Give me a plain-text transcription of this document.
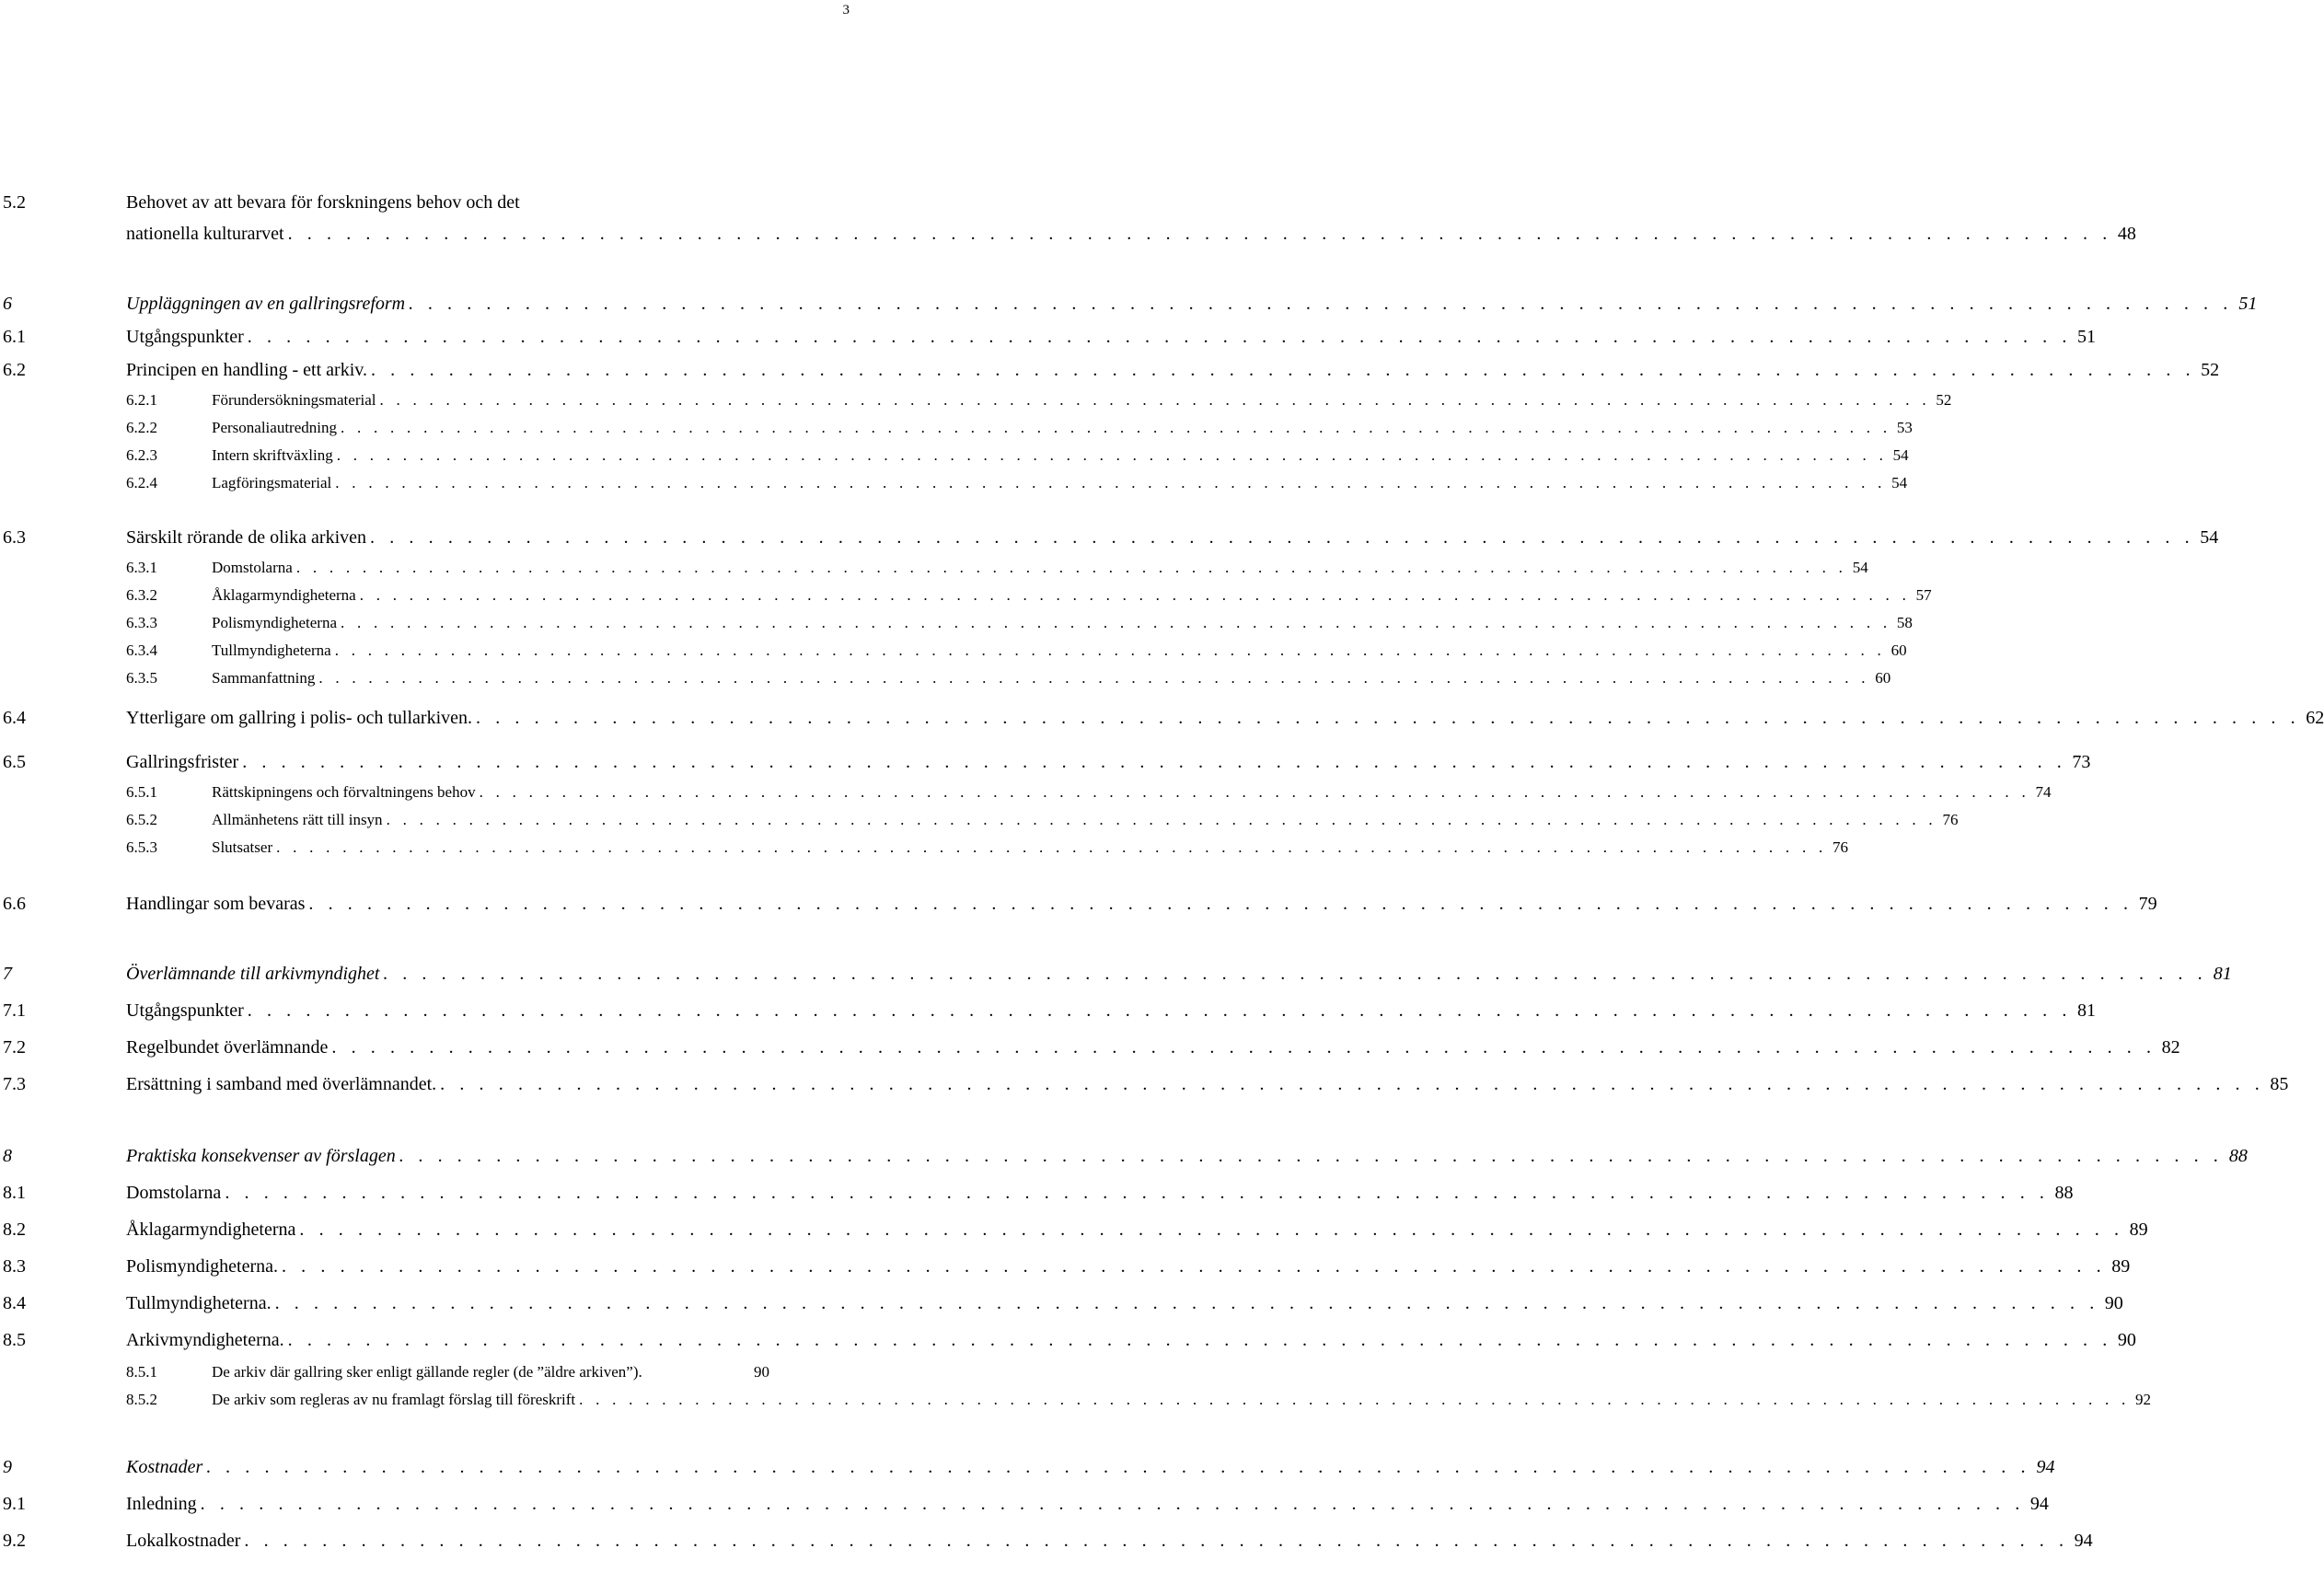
3
5.2	Behovet av att bevara för forskningens behov och det
nationella kulturarvet . . . . . . . . . . . . . . . . . . . . . . . . . . . . . . . . . . . . . . . . . . . . . . . . . . . . . . . . . . . . . . . . . . . . . . . . . . . . . . . . . . . . . . . . . . . . . . 48
6	Uppläggningen av en gallringsreform . . . . . . . . . . . . . . . . . . . . . . . . . . . . . . . . . . . . . . . . . . . . . . . . . . . . . . . . . . . . . . . . . . . . . . . . . . . . . . . . . . . . . . . . . . . . . . 51
6.1	Utgångspunkter . . . . . . . . . . . . . . . . . . . . . . . . . . . . . . . . . . . . . . . . . . . . . . . . . . . . . . . . . . . . . . . . . . . . . . . . . . . . . . . . . . . . . . . . . . . . . . 51
6.2	Principen en handling - ett arkiv. . . . . . . . . . . . . . . . . . . . . . . . . . . . . . . . . . . . . . . . . . . . . . . . . . . . . . . . . . . . . . . . . . . . . . . . . . . . . . . . . . . . . . . . . . . . . . . 52
6.2.1	Förundersökningsmaterial . . . . . . . . . . . . . . . . . . . . . . . . . . . . . . . . . . . . . . . . . . . . . . . . . . . . . . . . . . . . . . . . . . . . . . . . . . . . . . . . . . . . . . . . . . . . . . 52
6.2.2	Personaliautredning . . . . . . . . . . . . . . . . . . . . . . . . . . . . . . . . . . . . . . . . . . . . . . . . . . . . . . . . . . . . . . . . . . . . . . . . . . . . . . . . . . . . . . . . . . . . . . 53
6.2.3	Intern skriftväxling . . . . . . . . . . . . . . . . . . . . . . . . . . . . . . . . . . . . . . . . . . . . . . . . . . . . . . . . . . . . . . . . . . . . . . . . . . . . . . . . . . . . . . . . . . . . . . 54
6.2.4	Lagföringsmaterial . . . . . . . . . . . . . . . . . . . . . . . . . . . . . . . . . . . . . . . . . . . . . . . . . . . . . . . . . . . . . . . . . . . . . . . . . . . . . . . . . . . . . . . . . . . . . . 54
6.3	Särskilt rörande de olika arkiven . . . . . . . . . . . . . . . . . . . . . . . . . . . . . . . . . . . . . . . . . . . . . . . . . . . . . . . . . . . . . . . . . . . . . . . . . . . . . . . . . . . . . . . . . . . . . . 54
6.3.1	Domstolarna . . . . . . . . . . . . . . . . . . . . . . . . . . . . . . . . . . . . . . . . . . . . . . . . . . . . . . . . . . . . . . . . . . . . . . . . . . . . . . . . . . . . . . . . . . . . . . 54
6.3.2	Åklagarmyndigheterna . . . . . . . . . . . . . . . . . . . . . . . . . . . . . . . . . . . . . . . . . . . . . . . . . . . . . . . . . . . . . . . . . . . . . . . . . . . . . . . . . . . . . . . . . . . . . . 57
6.3.3	Polismyndigheterna . . . . . . . . . . . . . . . . . . . . . . . . . . . . . . . . . . . . . . . . . . . . . . . . . . . . . . . . . . . . . . . . . . . . . . . . . . . . . . . . . . . . . . . . . . . . . . 58
6.3.4	Tullmyndigheterna . . . . . . . . . . . . . . . . . . . . . . . . . . . . . . . . . . . . . . . . . . . . . . . . . . . . . . . . . . . . . . . . . . . . . . . . . . . . . . . . . . . . . . . . . . . . . . 60
6.3.5	Sammanfattning . . . . . . . . . . . . . . . . . . . . . . . . . . . . . . . . . . . . . . . . . . . . . . . . . . . . . . . . . . . . . . . . . . . . . . . . . . . . . . . . . . . . . . . . . . . . . . 60
6.4	Ytterligare om gallring i polis- och tullarkiven. . . . . . . . . . . . . . . . . . . . . . . . . . . . . . . . . . . . . . . . . . . . . . . . . . . . . . . . . . . . . . . . . . . . . . . . . . . . . . . . . . . . . . . . . . . . . . . 62
6.5	Gallringsfrister . . . . . . . . . . . . . . . . . . . . . . . . . . . . . . . . . . . . . . . . . . . . . . . . . . . . . . . . . . . . . . . . . . . . . . . . . . . . . . . . . . . . . . . . . . . . . . 73
6.5.1	Rättskipningens och förvaltningens behov . . . . . . . . . . . . . . . . . . . . . . . . . . . . . . . . . . . . . . . . . . . . . . . . . . . . . . . . . . . . . . . . . . . . . . . . . . . . . . . . . . . . . . . . . . . . . . 74
6.5.2	Allmänhetens rätt till insyn . . . . . . . . . . . . . . . . . . . . . . . . . . . . . . . . . . . . . . . . . . . . . . . . . . . . . . . . . . . . . . . . . . . . . . . . . . . . . . . . . . . . . . . . . . . . . . 76
6.5.3	Slutsatser . . . . . . . . . . . . . . . . . . . . . . . . . . . . . . . . . . . . . . . . . . . . . . . . . . . . . . . . . . . . . . . . . . . . . . . . . . . . . . . . . . . . . . . . . . . . . . 76
6.6	Handlingar som bevaras . . . . . . . . . . . . . . . . . . . . . . . . . . . . . . . . . . . . . . . . . . . . . . . . . . . . . . . . . . . . . . . . . . . . . . . . . . . . . . . . . . . . . . . . . . . . . . 79
7	Överlämnande till arkivmyndighet . . . . . . . . . . . . . . . . . . . . . . . . . . . . . . . . . . . . . . . . . . . . . . . . . . . . . . . . . . . . . . . . . . . . . . . . . . . . . . . . . . . . . . . . . . . . . . 81
7.1	Utgångspunkter . . . . . . . . . . . . . . . . . . . . . . . . . . . . . . . . . . . . . . . . . . . . . . . . . . . . . . . . . . . . . . . . . . . . . . . . . . . . . . . . . . . . . . . . . . . . . . 81
7.2	Regelbundet överlämnande . . . . . . . . . . . . . . . . . . . . . . . . . . . . . . . . . . . . . . . . . . . . . . . . . . . . . . . . . . . . . . . . . . . . . . . . . . . . . . . . . . . . . . . . . . . . . . 82
7.3	Ersättning i samband med överlämnandet. . . . . . . . . . . . . . . . . . . . . . . . . . . . . . . . . . . . . . . . . . . . . . . . . . . . . . . . . . . . . . . . . . . . . . . . . . . . . . . . . . . . . . . . . . . . . . . 85
8	Praktiska konsekvenser av förslagen . . . . . . . . . . . . . . . . . . . . . . . . . . . . . . . . . . . . . . . . . . . . . . . . . . . . . . . . . . . . . . . . . . . . . . . . . . . . . . . . . . . . . . . . . . . . . . 88
8.1	Domstolarna . . . . . . . . . . . . . . . . . . . . . . . . . . . . . . . . . . . . . . . . . . . . . . . . . . . . . . . . . . . . . . . . . . . . . . . . . . . . . . . . . . . . . . . . . . . . . . 88
8.2	Åklagarmyndigheterna . . . . . . . . . . . . . . . . . . . . . . . . . . . . . . . . . . . . . . . . . . . . . . . . . . . . . . . . . . . . . . . . . . . . . . . . . . . . . . . . . . . . . . . . . . . . . . 89
8.3	Polismyndigheterna. . . . . . . . . . . . . . . . . . . . . . . . . . . . . . . . . . . . . . . . . . . . . . . . . . . . . . . . . . . . . . . . . . . . . . . . . . . . . . . . . . . . . . . . . . . . . . . 89
8.4	Tullmyndigheterna. . . . . . . . . . . . . . . . . . . . . . . . . . . . . . . . . . . . . . . . . . . . . . . . . . . . . . . . . . . . . . . . . . . . . . . . . . . . . . . . . . . . . . . . . . . . . . . 90
8.5	Arkivmyndigheterna. . . . . . . . . . . . . . . . . . . . . . . . . . . . . . . . . . . . . . . . . . . . . . . . . . . . . . . . . . . . . . . . . . . . . . . . . . . . . . . . . . . . . . . . . . . . . . . 90
8.5.1	De arkiv där gallring sker enligt gällande regler (de ”äldre arkiven”).	90
8.5.2	De arkiv som regleras av nu framlagt förslag till föreskrift . . . . . . . . . . . . . . . . . . . . . . . . . . . . . . . . . . . . . . . . . . . . . . . . . . . . . . . . . . . . . . . . . . . . . . . . . . . . . . . . . . . . . . . . . . . . . . 92
9	Kostnader . . . . . . . . . . . . . . . . . . . . . . . . . . . . . . . . . . . . . . . . . . . . . . . . . . . . . . . . . . . . . . . . . . . . . . . . . . . . . . . . . . . . . . . . . . . . . . 94
9.1	Inledning . . . . . . . . . . . . . . . . . . . . . . . . . . . . . . . . . . . . . . . . . . . . . . . . . . . . . . . . . . . . . . . . . . . . . . . . . . . . . . . . . . . . . . . . . . . . . . 94
9.2	Lokalkostnader . . . . . . . . . . . . . . . . . . . . . . . . . . . . . . . . . . . . . . . . . . . . . . . . . . . . . . . . . . . . . . . . . . . . . . . . . . . . . . . . . . . . . . . . . . . . . . 94
